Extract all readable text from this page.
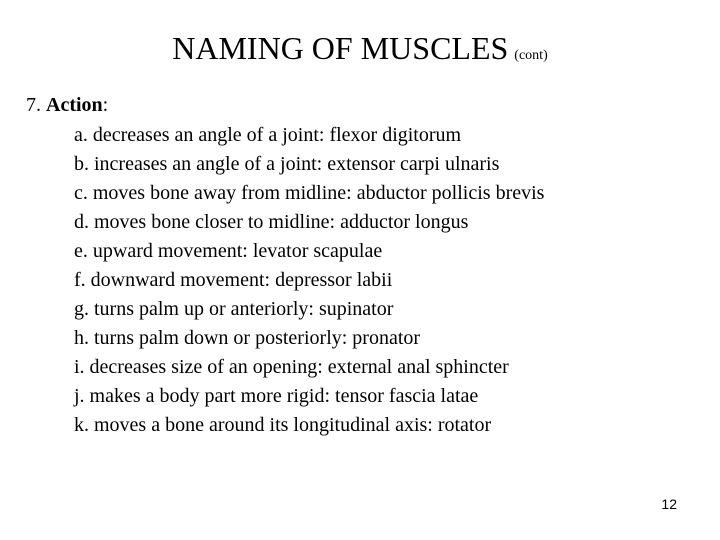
NAMING OF MUSCLES (cont)
7. Action:
a. decreases an angle of a joint: flexor digitorum
b. increases an angle of a joint: extensor carpi ulnaris
c. moves bone away from midline: abductor pollicis brevis
d. moves bone closer to midline: adductor longus
e. upward movement: levator scapulae
f. downward movement: depressor labii
g. turns palm up or anteriorly: supinator
h. turns palm down or posteriorly: pronator
i. decreases size of an opening: external anal sphincter
j. makes a body part more rigid: tensor fascia latae
k. moves a bone around its longitudinal axis: rotator
12
